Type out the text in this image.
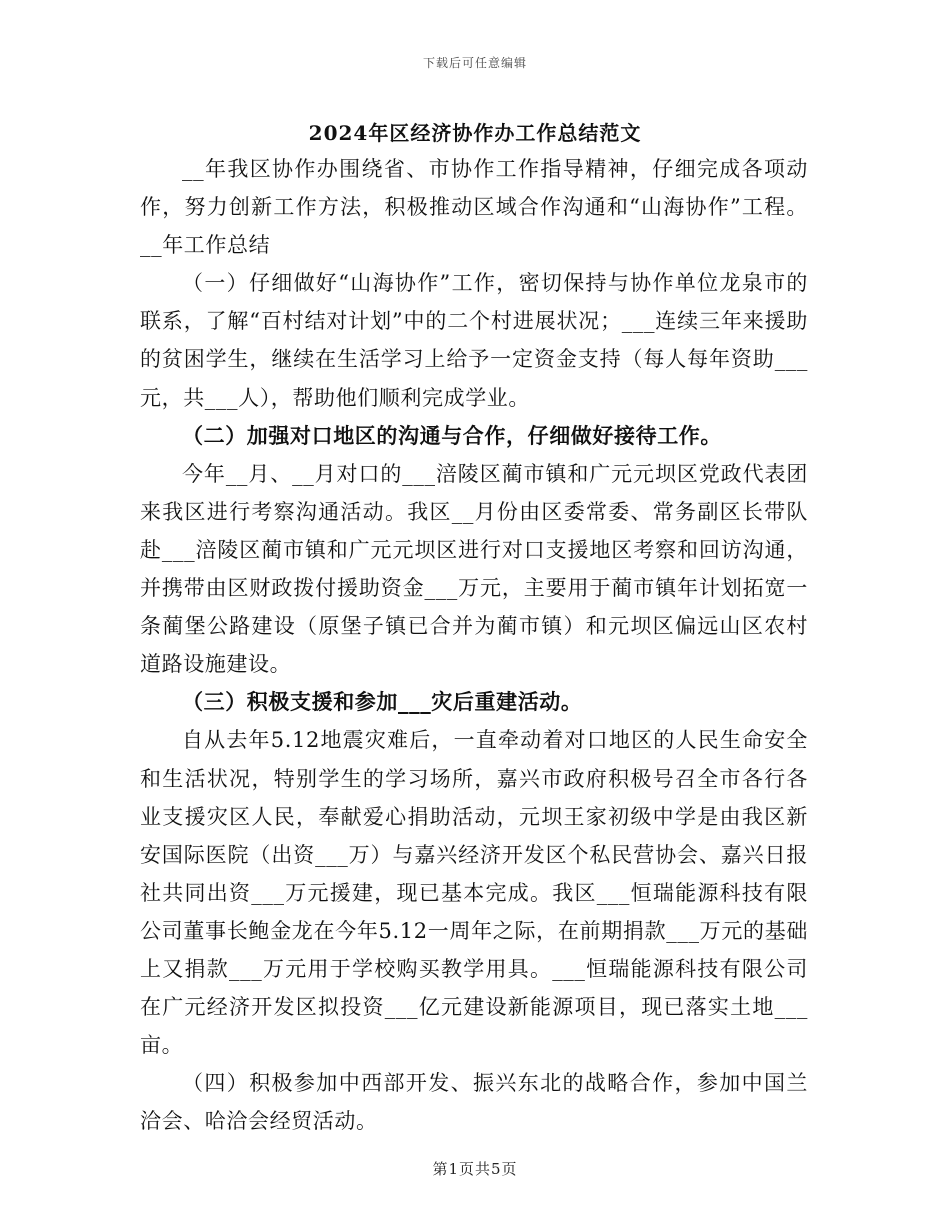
下载后可任意编辑
2024年区经济协作办工作总结范文

__年我区协作办围绕省、市协作工作指导精神，仔细完成各项动作，努力创新工作方法，积极推动区域合作沟通和“山海协作”工程。__年工作总结

（一）仔细做好“山海协作”工作，密切保持与协作单位龙泉市的联系，了解“百村结对计划”中的二个村进展状况；___连续三年来援助的贫困学生，继续在生活学习上给予一定资金支持（每人每年资助___元，共___人），帮助他们顺利完成学业。

（二）加强对口地区的沟通与合作，仔细做好接待工作。

今年__月、__月对口的___涪陵区蔺市镇和广元元坝区党政代表团来我区进行考察沟通活动。我区__月份由区委常委、常务副区长带队赴___涪陵区蔺市镇和广元元坝区进行对口支援地区考察和回访沟通，并携带由区财政拨付援助资金___万元，主要用于蔺市镇年计划拓宽一条蔺堡公路建设（原堡子镇已合并为蔺市镇）和元坝区偏远山区农村道路设施建设。

（三）积极支援和参加___灾后重建活动。

自从去年5.12地震灾难后，一直牵动着对口地区的人民生命安全和生活状况，特别学生的学习场所，嘉兴市政府积极号召全市各行各业支援灾区人民，奉献爱心捐助活动，元坝王家初级中学是由我区新安国际医院（出资___万）与嘉兴经济开发区个私民营协会、嘉兴日报社共同出资___万元援建，现已基本完成。我区___恒瑞能源科技有限公司董事长鲍金龙在今年5.12一周年之际，在前期捐款___万元的基础上又捐款___万元用于学校购买教学用具。___恒瑞能源科技有限公司在广元经济开发区拟投资___亿元建设新能源项目，现已落实土地___亩。

（四）积极参加中西部开发、振兴东北的战略合作，参加中国兰洽会、哈洽会经贸活动。

第1页共5页
